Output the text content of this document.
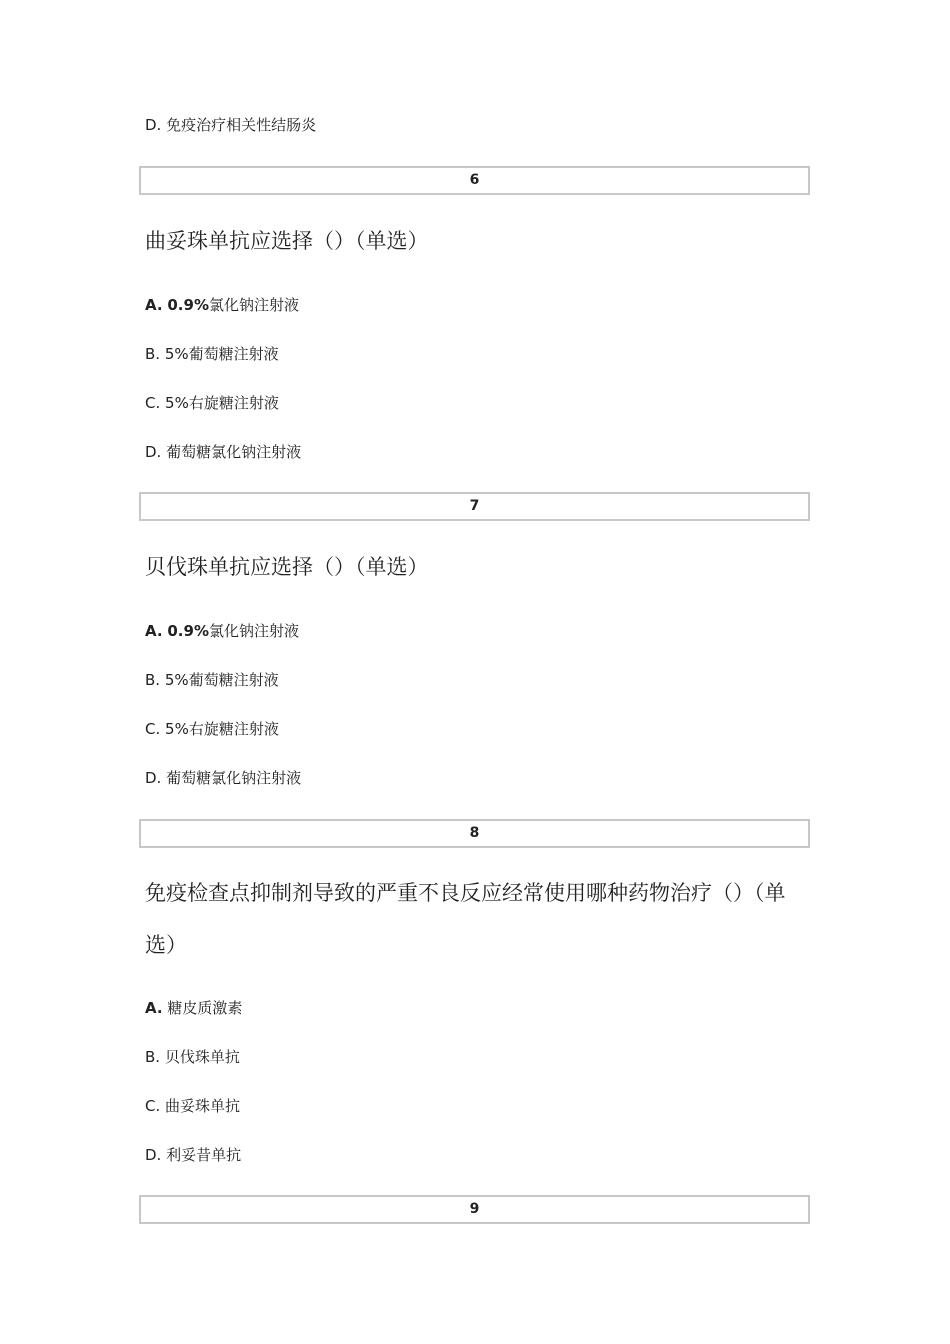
D. 免疫治疗相关性结肠炎
6
曲妥珠单抗应选择（）（单选）
A. 0.9%氯化钠注射液
B. 5%葡萄糖注射液
C. 5%右旋糖注射液
D. 葡萄糖氯化钠注射液
7
贝伐珠单抗应选择（）（单选）
A. 0.9%氯化钠注射液
B. 5%葡萄糖注射液
C. 5%右旋糖注射液
D. 葡萄糖氯化钠注射液
8
免疫检查点抑制剂导致的严重不良反应经常使用哪种药物治疗（）（单选）
A. 糖皮质激素
B. 贝伐珠单抗
C. 曲妥珠单抗
D. 利妥昔单抗
9
